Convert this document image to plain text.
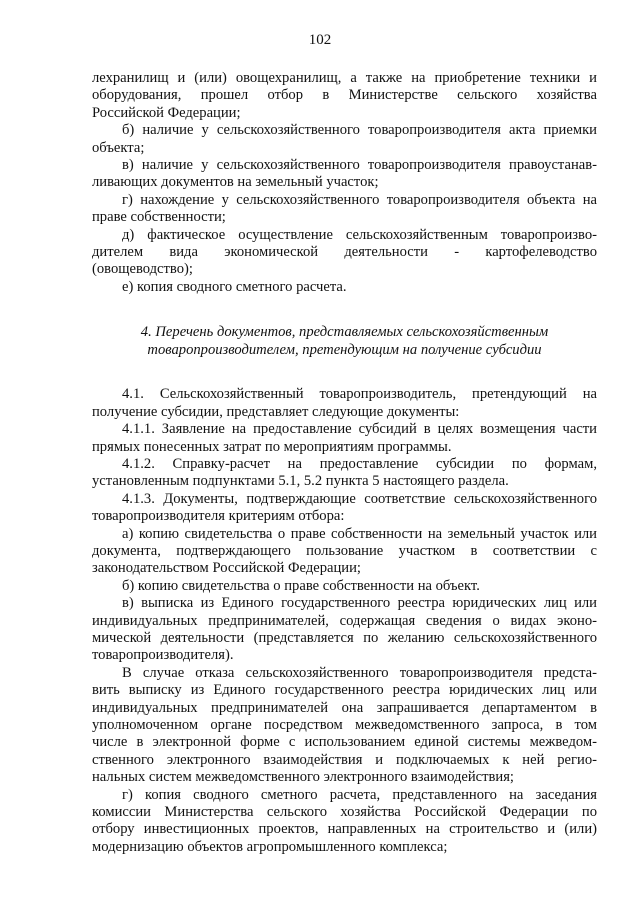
102
лехранилищ и (или) овощехранилищ, а также на приобретение техники и
оборудования, прошел отбор в Министерстве сельского хозяйства
Российской Федерации;
б) наличие у сельскохозяйственного товаропроизводителя акта приемки
объекта;
в) наличие у сельскохозяйственного товаропроизводителя правоустанав-
ливающих документов на земельный участок;
г) нахождение у сельскохозяйственного товаропроизводителя объекта на
праве собственности;
д) фактическое осуществление сельскохозяйственным товаропроизво-
дителем вида экономической деятельности - картофелеводство
(овощеводство);
е) копия сводного сметного расчета.
4. Перечень документов, представляемых сельскохозяйственным
товаропроизводителем, претендующим на получение субсидии
4.1. Сельскохозяйственный товаропроизводитель, претендующий на
получение субсидии, представляет следующие документы:
4.1.1. Заявление на предоставление субсидий в целях возмещения части
прямых понесенных затрат по мероприятиям программы.
4.1.2. Справку-расчет на предоставление субсидии по формам,
установленным подпунктами 5.1, 5.2 пункта 5 настоящего раздела.
4.1.3. Документы, подтверждающие соответствие сельскохозяйственного
товаропроизводителя критериям отбора:
а) копию свидетельства о праве собственности на земельный участок или
документа, подтверждающего пользование участком в соответствии с
законодательством Российской Федерации;
б) копию свидетельства о праве собственности на объект.
в) выписка из Единого государственного реестра юридических лиц или
индивидуальных предпринимателей, содержащая сведения о видах эконо-
мической деятельности (представляется по желанию сельскохозяйственного
товаропроизводителя).
В случае отказа сельскохозяйственного товаропроизводителя предста-
вить выписку из Единого государственного реестра юридических лиц или
индивидуальных предпринимателей она запрашивается департаментом в
уполномоченном органе посредством межведомственного запроса, в том
числе в электронной форме с использованием единой системы межведом-
ственного электронного взаимодействия и подключаемых к ней регио-
нальных систем межведомственного электронного взаимодействия;
г) копия сводного сметного расчета, представленного на заседания
комиссии Министерства сельского хозяйства Российской Федерации по
отбору инвестиционных проектов, направленных на строительство и (или)
модернизацию объектов агропромышленного комплекса;
